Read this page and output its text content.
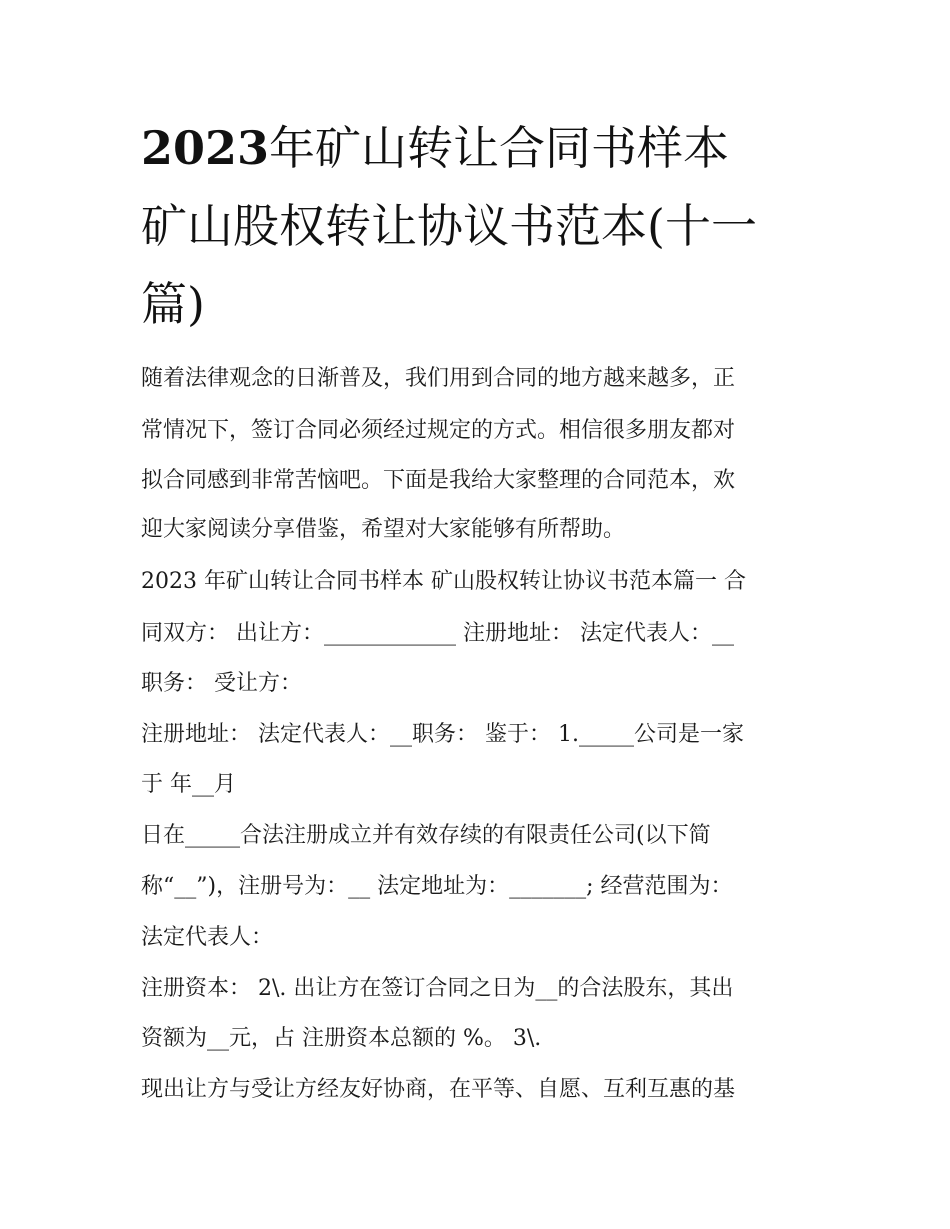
2023年矿山转让合同书样本
矿山股权转让协议书范本(十一
篇)
随着法律观念的日渐普及，我们用到合同的地方越来越多，正
常情况下，签订合同必须经过规定的方式。相信很多朋友都对
拟合同感到非常苦恼吧。下面是我给大家整理的合同范本，欢
迎大家阅读分享借鉴，希望对大家能够有所帮助。
2023 年矿山转让合同书样本 矿山股权转让协议书范本篇一 合
同双方： 出让方：____________ 注册地址： 法定代表人：__
职务： 受让方：
注册地址： 法定代表人：__职务： 鉴于： 1._____公司是一家
于 年__月
日在_____合法注册成立并有效存续的有限责任公司(以下简
称“__”)，注册号为：__ 法定地址为：_______; 经营范围为：
法定代表人：
注册资本： 2\. 出让方在签订合同之日为__的合法股东，其出
资额为__元，占 注册资本总额的 %。 3\.
现出让方与受让方经友好协商，在平等、自愿、互利互惠的基
